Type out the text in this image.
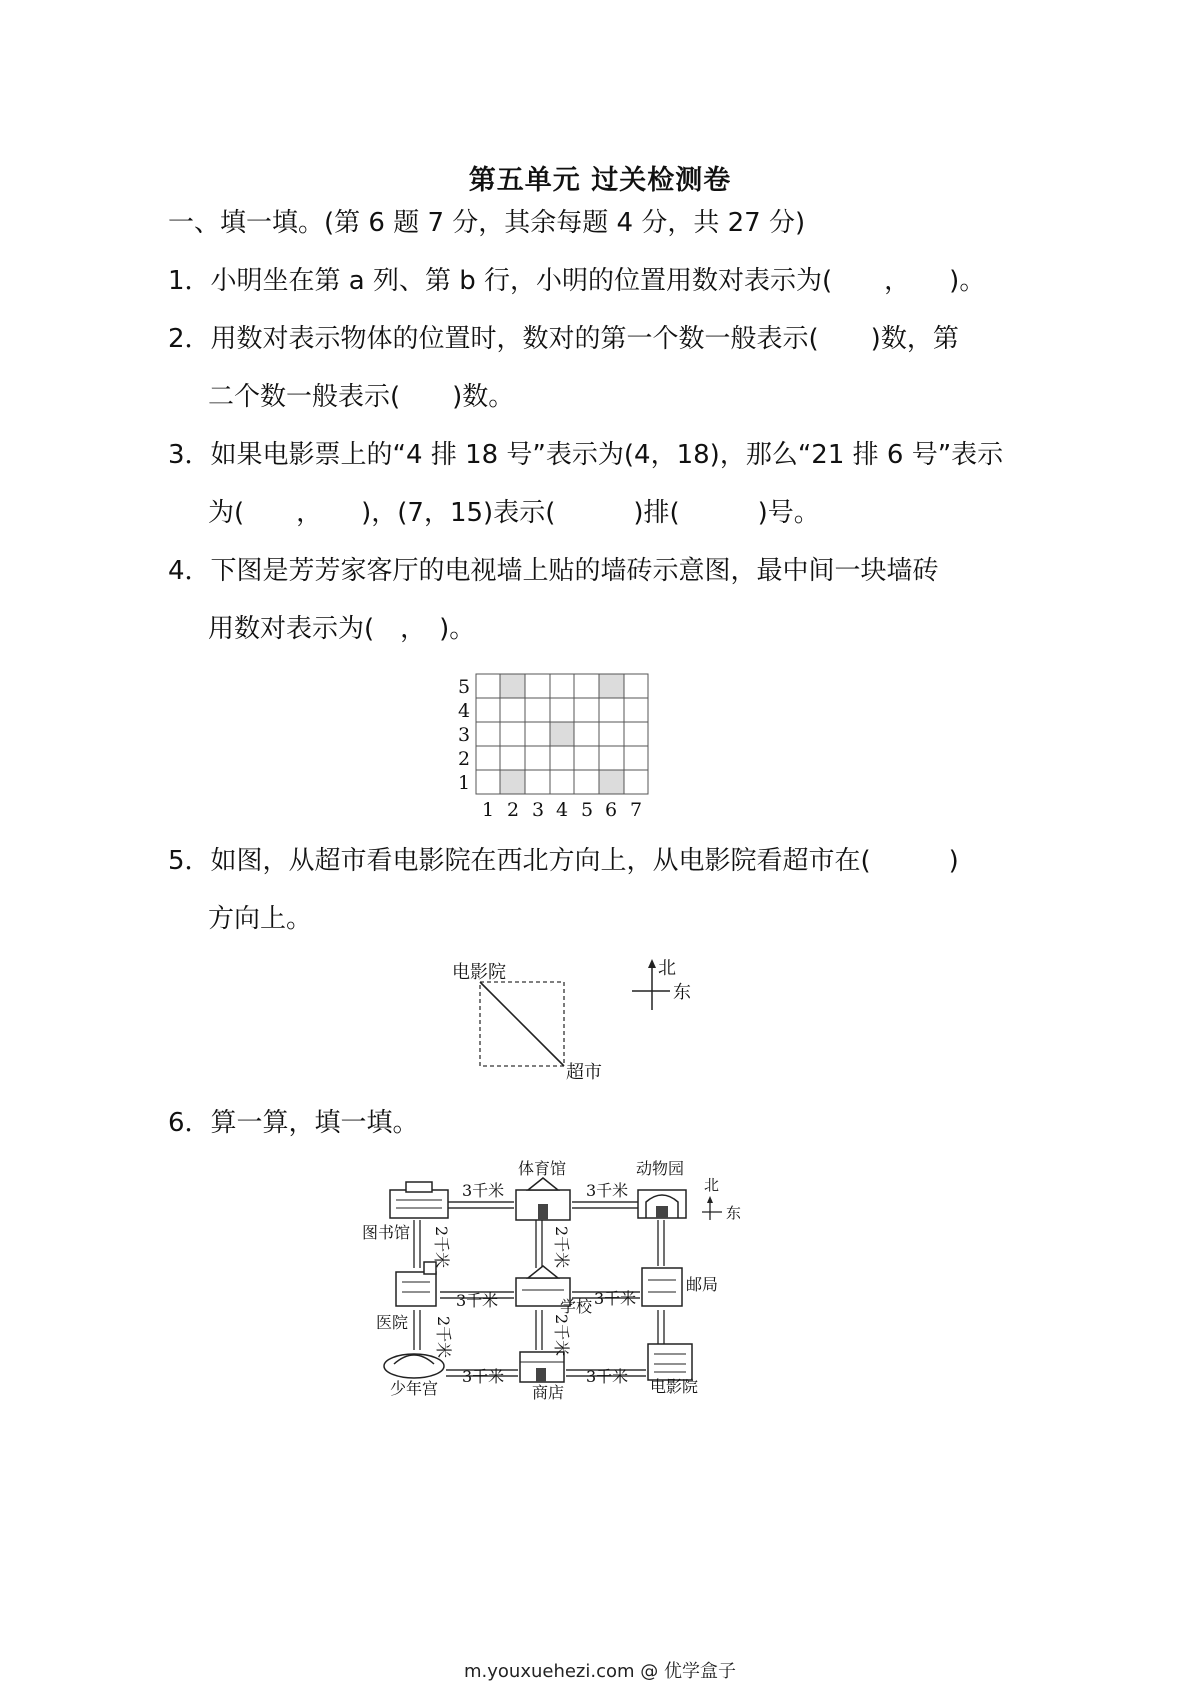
第五单元 过关检测卷
一、填一填。(第 6 题 7 分，其余每题 4 分，共 27 分)
1．小明坐在第 a 列、第 b 行，小明的位置用数对表示为(　　，　　)。
2．用数对表示物体的位置时，数对的第一个数一般表示(　　)数，第
二个数一般表示(　　)数。
3．如果电影票上的“4 排 18 号”表示为(4，18)，那么“21 排 6 号”表示
为(　　，　　)，(7，15)表示(　　　)排(　　　)号。
4．下图是芳芳家客厅的电视墙上贴的墙砖示意图，最中间一块墙砖
用数对表示为(　，　)。
5
4
3
2
1
1 2 3 4 5 6 7
5．如图，从超市看电影院在西北方向上，从电影院看超市在(　　　)
方向上。
电影院
超市
北
东
6．算一算，填一填。
图书馆
体育馆	动物园
医院
学校
邮局
少年宫	商店	电影院
3千米	3千米
3千米	3千米
3千米	3千米
2千米
2千米
2千米
2千米
北
东
m.youxuehezi.com @ 优学盒子
